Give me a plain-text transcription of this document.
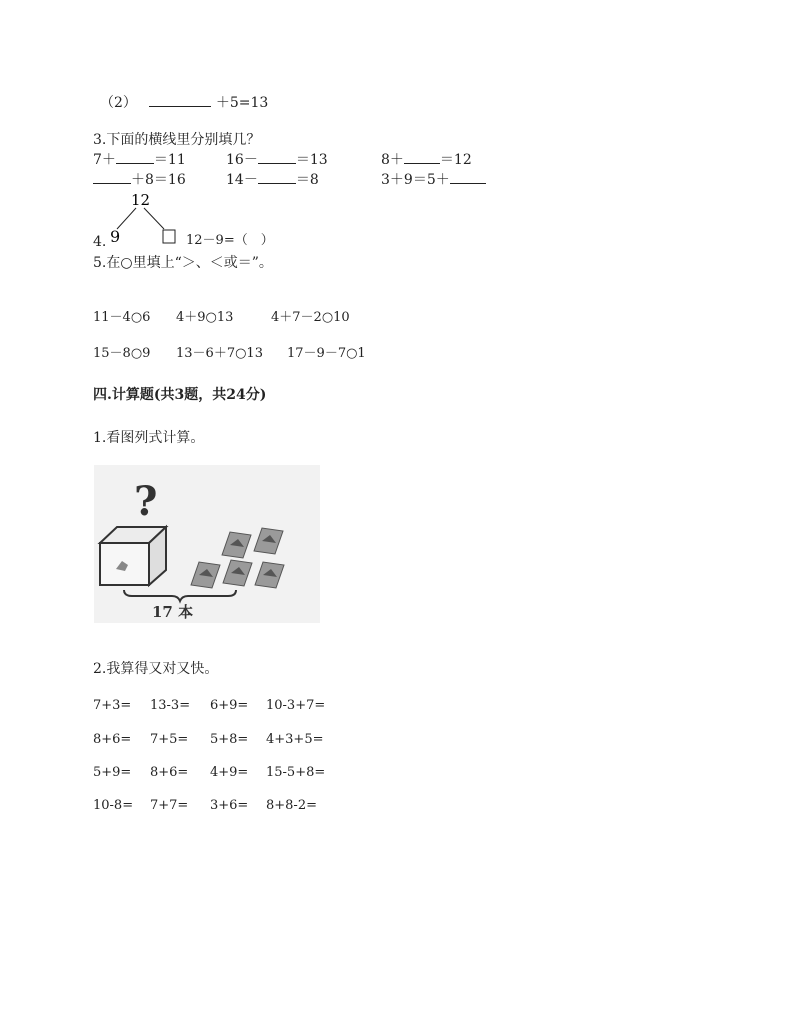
（2）	＋5=13
3.下面的横线里分别填几？
7＋	＝11	16－	＝13	8＋	＝12
＋8＝16	14－	＝8	3＋9＝5＋
12
9
4.	12－9=（　）
5.在○里填上“＞、＜或＝”。
11－4○6 4＋9○13	4＋7－2○10
15－8○9 13－6＋7○13 17－9－7○1
四.计算题(共3题，共24分)
1.看图列式计算。
?
17 本
2.我算得又对又快。
7+3= 13-3= 6+9= 10-3+7=
8+6= 7+5= 5+8= 4+3+5=
5+9= 8+6= 4+9= 15-5+8=
10-8= 7+7= 3+6= 8+8-2=
